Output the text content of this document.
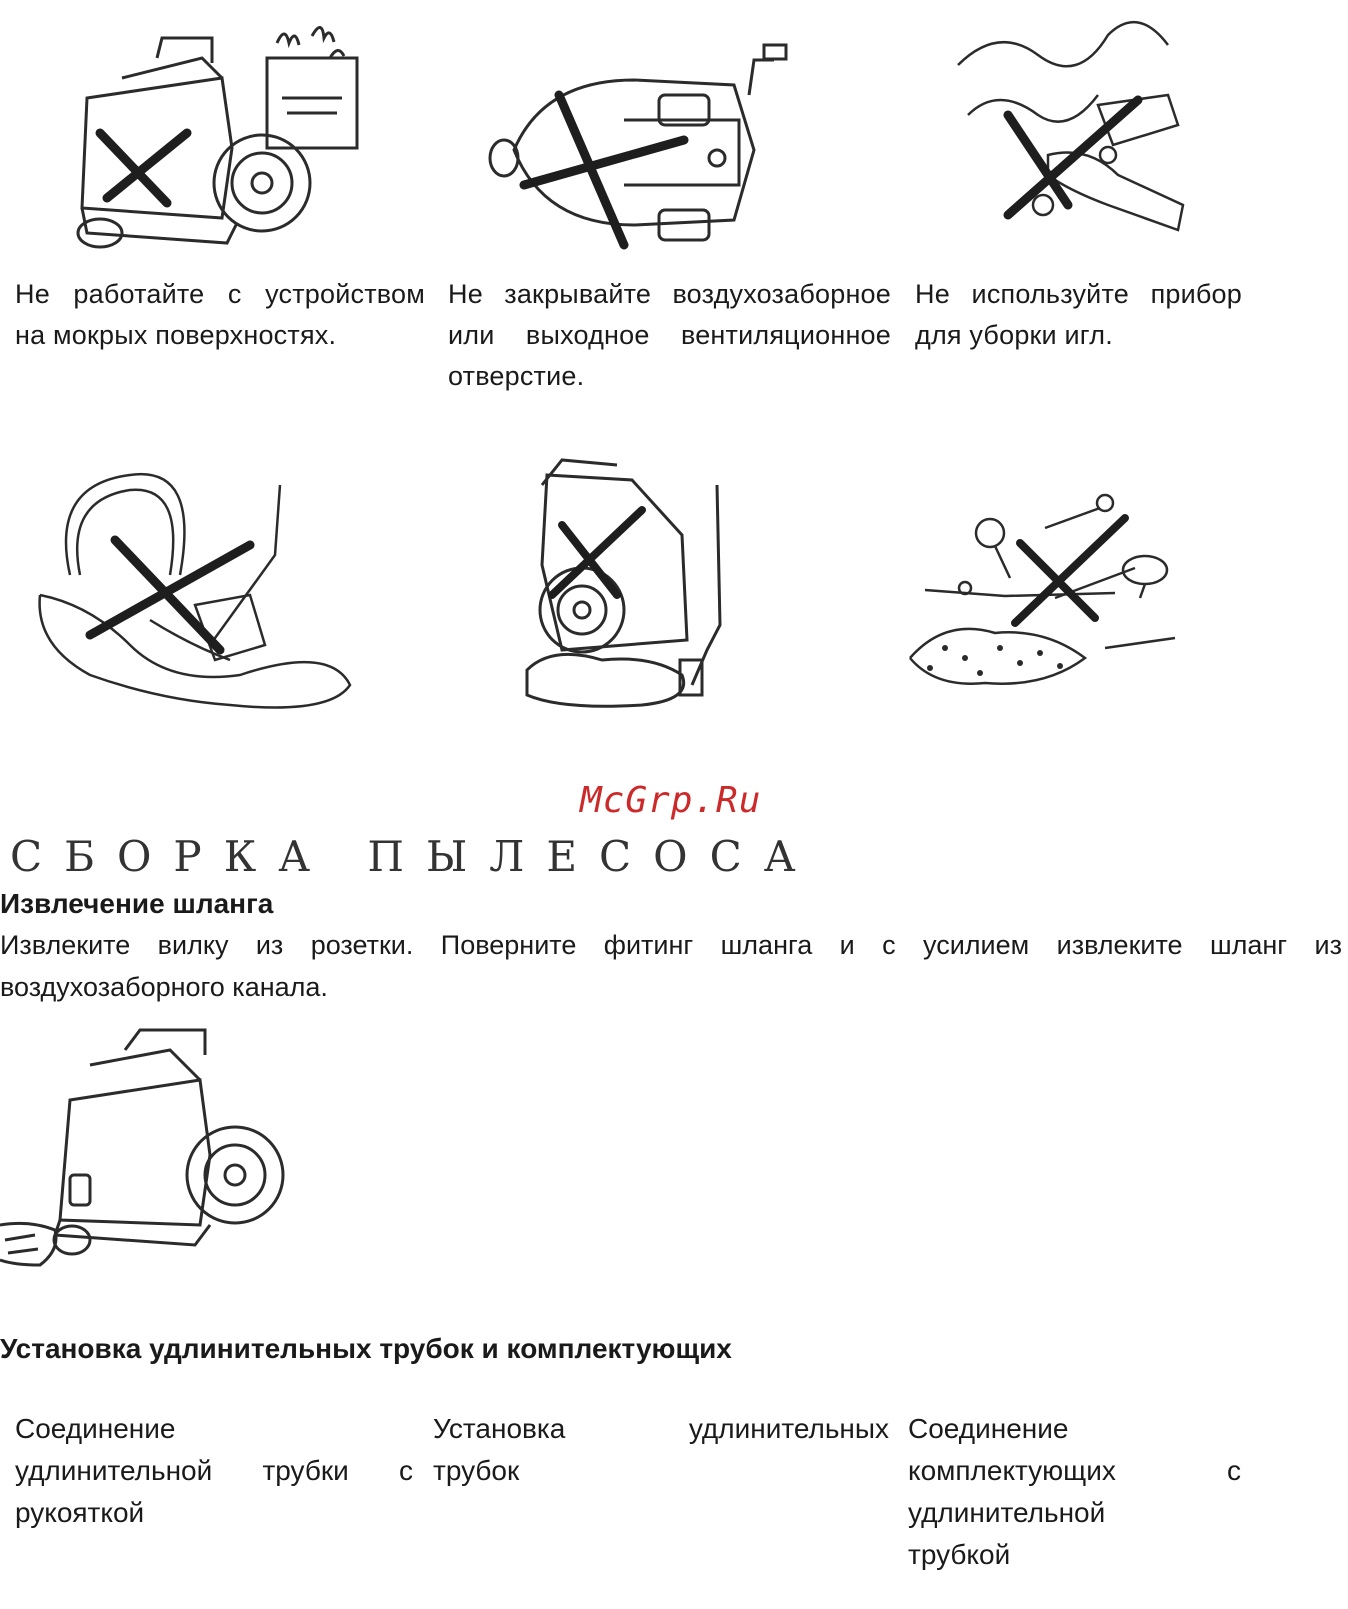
Не работайте с устройством
на мокрых поверхностях.
Не закрывайте воздухозаборное
или выходное вентиляционное
отверстие.
Не используйте прибор
для уборки игл.
McGrp.Ru
СБОРКА ПЫЛЕСОСА
Извлечение шланга
Извлеките вилку из розетки. Поверните фитинг шланга и с усилием извлеките шланг из
воздухозаборного канала.
Установка удлинительных трубок и комплектующих
Соединение
удлинительной трубки с
рукояткой
Установка удлинительных
трубок
Соединение
комплектующих с
удлинительной
трубкой
